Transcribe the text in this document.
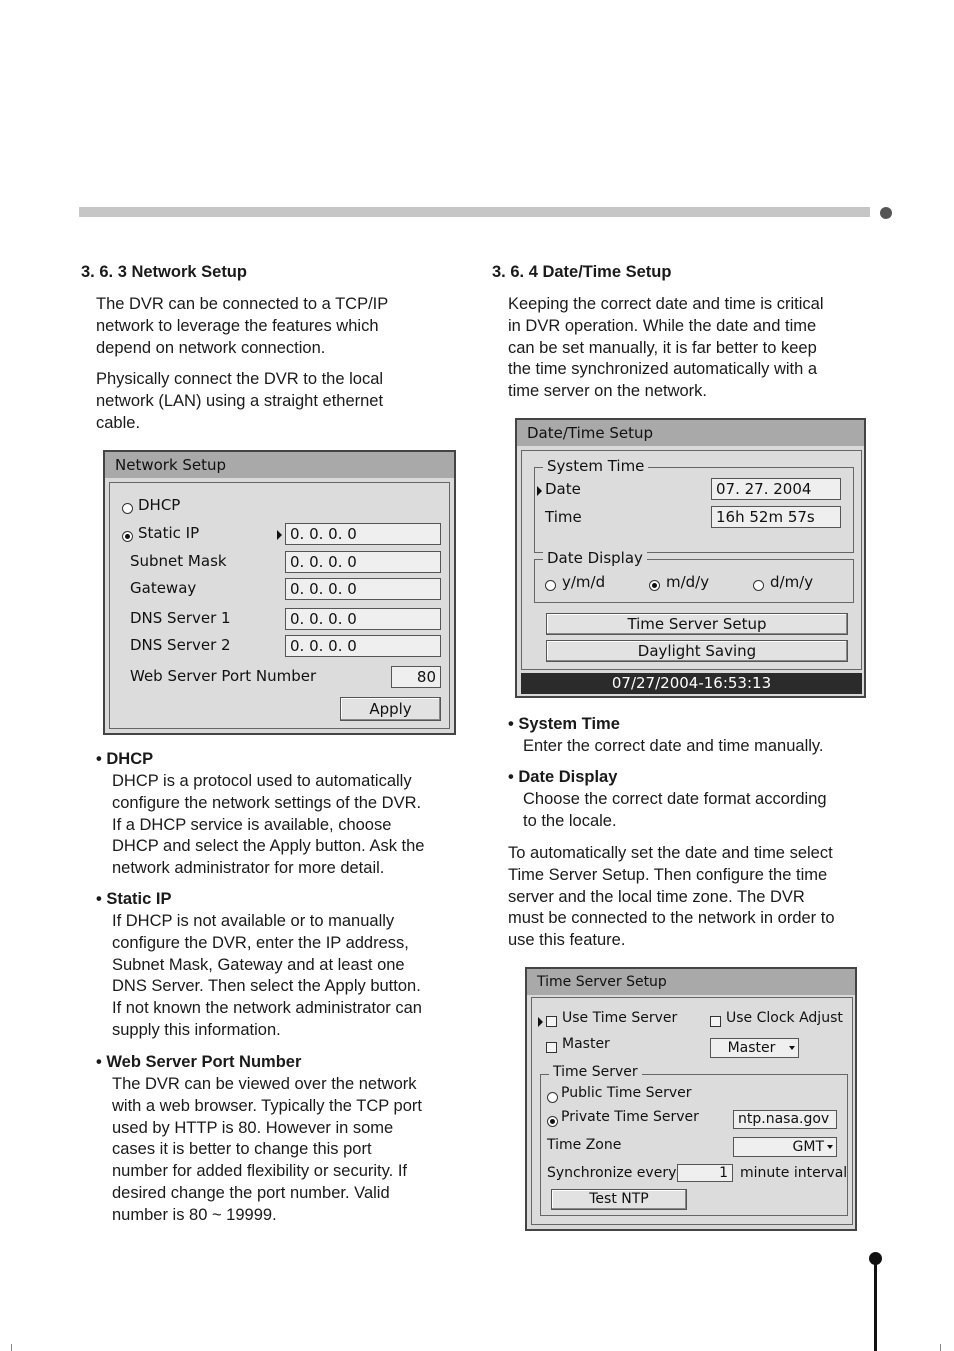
3. 6. 3 Network Setup

The DVR can be connected to a TCP/IP
network to leverage the features which
depend on network connection.

Physically connect the DVR to the local
network (LAN) using a straight ethernet
cable.

Network Setup
DHCP
Static IP	0. 0. 0. 0
Subnet Mask	0. 0. 0. 0
Gateway	0. 0. 0. 0
DNS Server 1	0. 0. 0. 0
DNS Server 2	0. 0. 0. 0
Web Server Port Number	80
Apply
• DHCP

DHCP is a protocol used to automatically
configure the network settings of the DVR.
If a DHCP service is available, choose
DHCP and select the Apply button. Ask the
network administrator for more detail.

• Static IP

If DHCP is not available or to manually
configure the DVR, enter the IP address,
Subnet Mask, Gateway and at least one
DNS Server. Then select the Apply button.
If not known the network administrator can
supply this information.

• Web Server Port Number

The DVR can be viewed over the network
with a web browser. Typically the TCP port
used by HTTP is 80. However in some
cases it is better to change this port
number for added flexibility or security. If
desired change the port number. Valid
number is 80 ~ 19999.

3. 6. 4 Date/Time Setup

Keeping the correct date and time is critical
in DVR operation. While the date and time
can be set manually, it is far better to keep
the time synchronized automatically with a
time server on the network.

Date/Time Setup
System Time
Date	07. 27. 2004
Time	16h 52m 57s
Date Display
y/m/d	m/d/y	d/m/y
Time Server Setup
Daylight Saving
07/27/2004-16:53:13
• System Time

Enter the correct date and time manually.

• Date Display

Choose the correct date format according
to the locale.

To automatically set the date and time select
Time Server Setup. Then configure the time
server and the local time zone. The DVR
must be connected to the network in order to
use this feature.

Time Server Setup
Use Time Server	Use Clock Adjust
Master	Master
Time Server
Public Time Server
Private Time Server	ntp.nasa.gov
Time Zone	GMT
Synchronize every	1 minute interval
Test NTP
